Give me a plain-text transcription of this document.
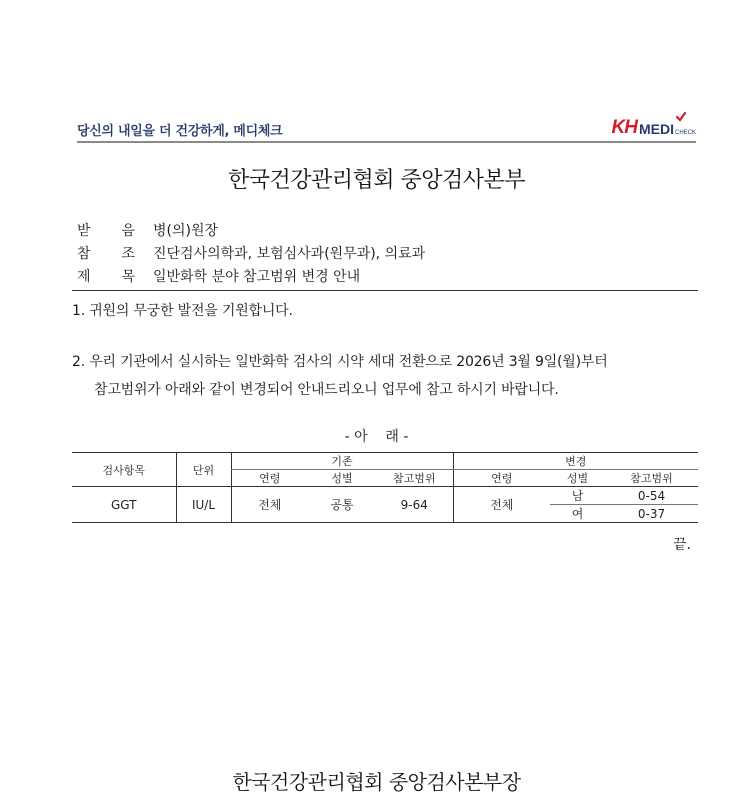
당신의 내일을 더 건강하게, 메디체크	KH MEDI CHECK
한국건강관리협회 중앙검사본부
받 음 병(의)원장
참 조 진단검사의학과, 보험심사과(원무과), 의료과
제 목 일반화학 분야 참고범위 변경 안내
1. 귀원의 무궁한 발전을 기원합니다.
2. 우리 기관에서 실시하는 일반화학 검사의 시약 세대 전환으로 2026년 3월 9일(월)부터
참고범위가 아래와 같이 변경되어 안내드리오니 업무에 참고 하시기 바랍니다.
- 아    래 -
검사항목	단위	기존			변경		
		연령	성별	참고범위	연령	성별	참고범위
GGT	IU/L	전체	공통	9-64	전체	남	0-54
						여	0-37
끝.
한국건강관리협회 중앙검사본부장
